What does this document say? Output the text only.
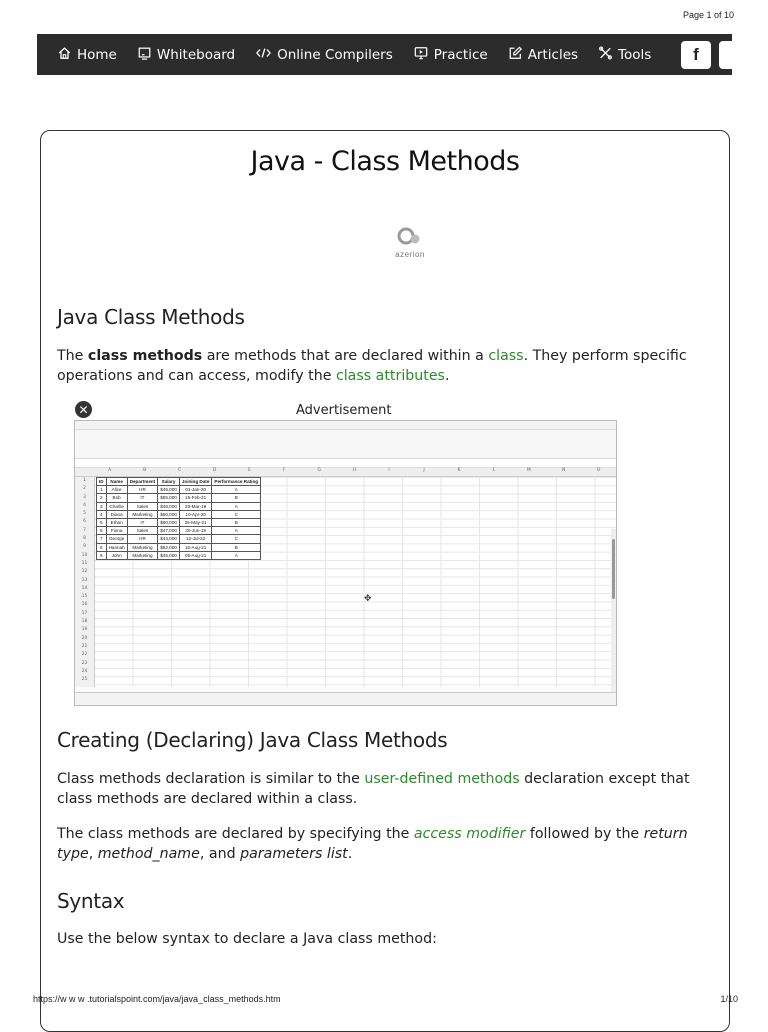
Page 1 of 10
Home	Whiteboard	Online Compilers	Practice	Articles	Tools	f
Java - Class Methods
azerion
Java Class Methods
The class methods are methods that are declared within a class. They perform specific operations and can access, modify the class attributes.
✕	Advertisement
A	B	C	D	E	F	G	H	I	J	K	L	M	N	O
1
2
3
4
5
6
7
8
9
10
11
12
13
14
15
16
17
18
19
20
21
22
23
24
25
ID	Name	Department	Salary	Joining Date	Performance Rating
1	Alice	HR	$45,000	01-Jan-20	A
2	Bob	IT	$55,000	15-Feb-21	B
3	Charlie	Sales	$48,000	20-Mar-19	A
4	Diana	Marketing	$50,000	10-Apr-20	C
5	Ethan	IT	$60,000	25-May-21	B
6	Fiona	Sales	$47,000	30-Jun-19	A
7	George	HR	$44,000	12-Jul-22	C
8	Hannah	Marketing	$52,000	16-Aug-21	B
9	John	Marketing	$45,000	05-Aug-21	A
✥
Creating (Declaring) Java Class Methods
Class methods declaration is similar to the user-defined methods declaration except that class methods are declared within a class.
The class methods are declared by specifying the access modifier followed by the return type, method_name, and parameters list.
Syntax
Use the below syntax to declare a Java class method:
https://w w w .tutorialspoint.com/java/java_class_methods.htm	1/10
